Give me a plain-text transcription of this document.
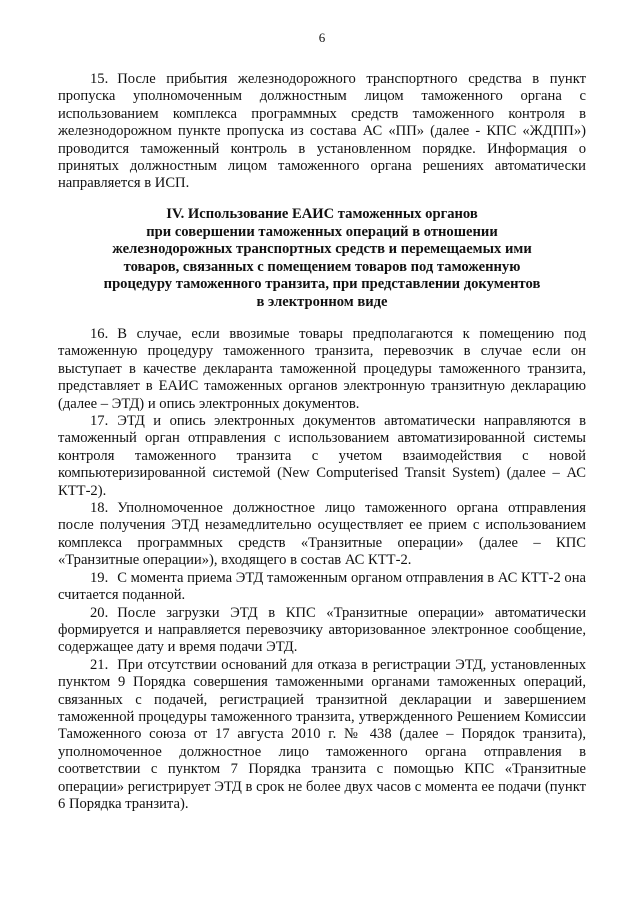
6

15. После прибытия железнодорожного транспортного средства в пункт пропуска уполномоченным должностным лицом таможенного органа с использованием комплекса программных средств таможенного контроля в железнодорожном пункте пропуска из состава АС «ПП» (далее - КПС «ЖДПП») проводится таможенный контроль в установленном порядке. Информация о принятых должностным лицом таможенного органа решениях автоматически направляется в ИСП.

IV. Использование ЕАИС таможенных органов
при совершении таможенных операций в отношении
железнодорожных транспортных средств и перемещаемых ими
товаров, связанных с помещением товаров под таможенную
процедуру таможенного транзита, при представлении документов
в электронном виде

16. В случае, если ввозимые товары предполагаются к помещению под таможенную процедуру таможенного транзита, перевозчик в случае если он выступает в качестве декларанта таможенной процедуры таможенного транзита, представляет в ЕАИС таможенных органов электронную транзитную декларацию (далее – ЭТД) и опись электронных документов.

17. ЭТД и опись электронных документов автоматически направляются в таможенный орган отправления с использованием автоматизированной системы контроля таможенного транзита с учетом взаимодействия с новой компьютеризированной системой (New Computerised Transit System) (далее – АС КТТ-2).

18. Уполномоченное должностное лицо таможенного органа отправления после получения ЭТД незамедлительно осуществляет ее прием с использованием комплекса программных средств «Транзитные операции» (далее – КПС «Транзитные операции»), входящего в состав АС КТТ-2.

19. С момента приема ЭТД таможенным органом отправления в АС КТТ-2 она считается поданной.

20. После загрузки ЭТД в КПС «Транзитные операции» автоматически формируется и направляется перевозчику авторизованное электронное сообщение, содержащее дату и время подачи ЭТД.

21. При отсутствии оснований для отказа в регистрации ЭТД, установленных пунктом 9 Порядка совершения таможенными органами таможенных операций, связанных с подачей, регистрацией транзитной декларации и завершением таможенной процедуры таможенного транзита, утвержденного Решением Комиссии Таможенного союза от 17 августа 2010 г. № 438 (далее – Порядок транзита), уполномоченное должностное лицо таможенного органа отправления в соответствии с пунктом 7 Порядка транзита с помощью КПС «Транзитные операции» регистрирует ЭТД в срок не более двух часов с момента ее подачи (пункт 6 Порядка транзита).
